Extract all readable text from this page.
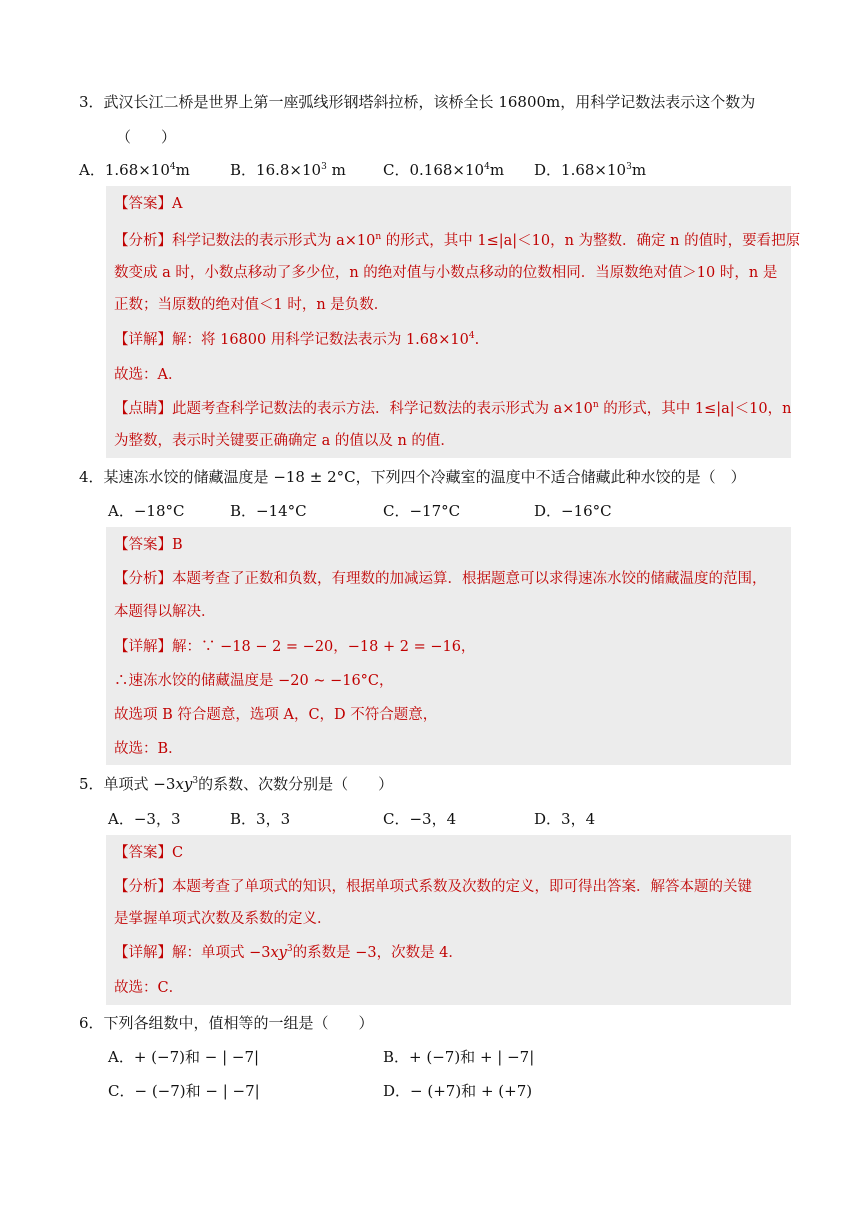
3．武汉长江二桥是世界上第一座弧线形钢塔斜拉桥，该桥全长 16800m，用科学记数法表示这个数为
（　　）
A．$1.68\times 10^4m$	B．$16.8\times 10^3$ m C．$0.168\times 10^4m$ D．$1.68\times 10^3m$
【答案】A
【分析】科学记数法的表示形式为 $a\times 10^n$ 的形式，其中 1≤|a|＜10，n 为整数．确定 n 的值时，要看把原
数变成 a 时，小数点移动了多少位，n 的绝对值与小数点移动的位数相同．当原数绝对值＞10 时，n 是
正数；当原数的绝对值＜1 时，n 是负数．
【详解】解：将 16800 用科学记数法表示为 $1.68\times 10^4$.
故选：A．
【点睛】此题考查科学记数法的表示方法．科学记数法的表示形式为 $a\times 10^n$ 的形式，其中 1≤|a|＜10，n
为整数，表示时关键要正确确定 a 的值以及 n 的值．
4．某速冻水饺的储藏温度是 −18 ± 2°C，下列四个冷藏室的温度中不适合储藏此种水饺的是（　）
A．−18°C	B．−14°C	C．−17°C	D．−16°C
【答案】B
【分析】本题考查了正数和负数，有理数的加减运算．根据题意可以求得速冻水饺的储藏温度的范围，
本题得以解决．
【详解】解：∵ −18 − 2 = −20，−18 + 2 = −16，
∴速冻水饺的储藏温度是 −20 ~ −16°C，
故选项 B 符合题意，选项 A，C，D 不符合题意，
故选：B．
5．单项式 $-3xy^3$的系数、次数分别是（　　）
A．−3，3	B．3，3	C．−3，4	D．3，4
【答案】C
【分析】本题考查了单项式的知识，根据单项式系数及次数的定义，即可得出答案．解答本题的关键
是掌握单项式次数及系数的定义．
【详解】解：单项式 $-3xy^3$的系数是 −3，次数是 4．
故选：C．
6．下列各组数中，值相等的一组是（　　）
A．+ (−7)和 − | −7|	B．+ (−7)和 + | −7|
C．− (−7)和 − | −7|	D．− (+7)和 + (+7)
